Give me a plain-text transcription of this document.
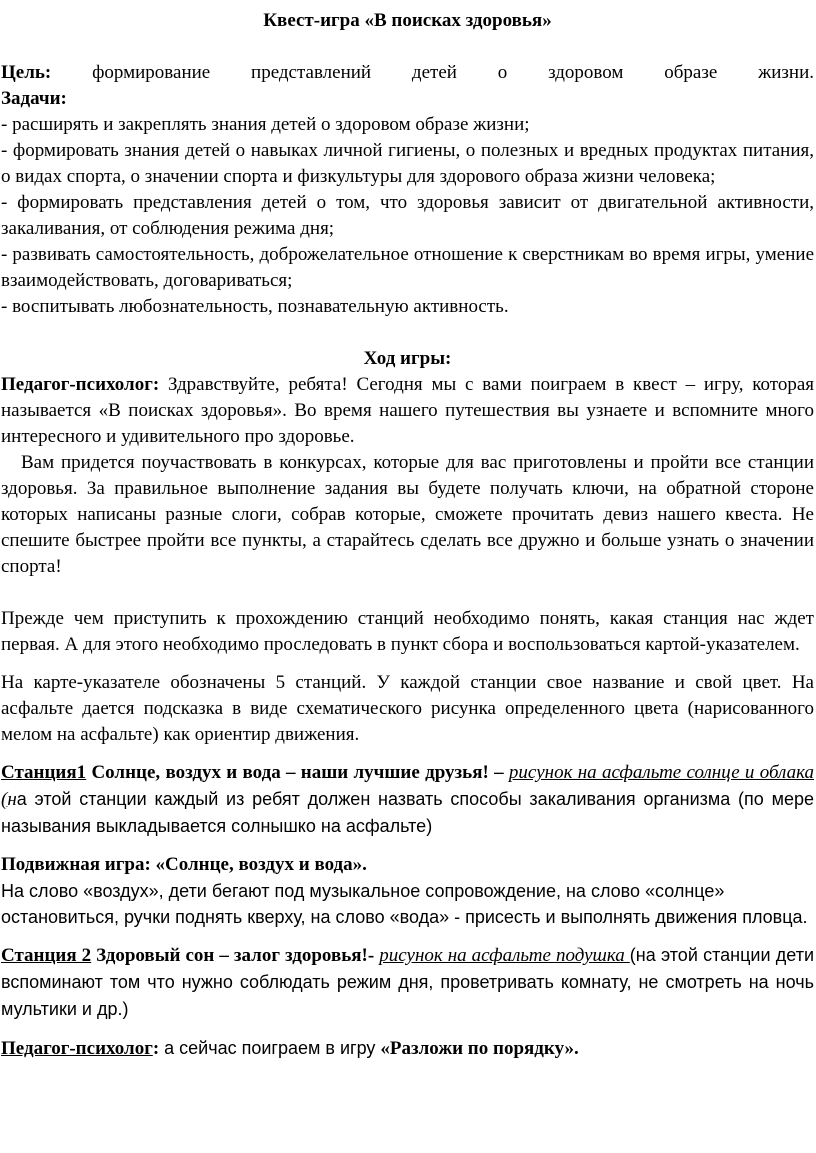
Квест-игра «В поисках здоровья»

Цель: формирование представлений детей о здоровом образе жизни.

Задачи:

- расширять и закреплять знания детей о здоровом образе жизни;

- формировать знания детей о навыках личной гигиены, о полезных и вредных продуктах питания, о видах спорта, о значении спорта и физкультуры для здорового образа жизни человека;

- формировать представления детей о том, что здоровья зависит от двигательной активности, закаливания, от соблюдения режима дня;

- развивать самостоятельность, доброжелательное отношение к сверстникам во время игры, умение взаимодействовать, договариваться;

- воспитывать любознательность, познавательную активность.

Ход игры:

Педагог-психолог: Здравствуйте, ребята! Сегодня мы с вами поиграем в квест – игру, которая называется «В поисках здоровья». Во время нашего путешествия вы узнаете и вспомните много интересного и удивительного про здоровье.

Вам придется поучаствовать в конкурсах, которые для вас приготовлены и пройти все станции здоровья. За правильное выполнение задания вы будете получать ключи, на обратной стороне которых написаны разные слоги, собрав которые, сможете прочитать девиз нашего квеста. Не спешите быстрее пройти все пункты, а старайтесь сделать все дружно и больше узнать о значении спорта!

Прежде чем приступить к прохождению станций необходимо понять, какая станция нас ждет первая. А для этого необходимо проследовать в пункт сбора и воспользоваться картой-указателем.

На карте-указателе обозначены 5 станций. У каждой станции свое название и свой цвет. На асфальте дается подсказка в виде схематического рисунка определенного цвета (нарисованного мелом на асфальте) как ориентир движения.

Станция1 Солнце, воздух и вода – наши лучшие друзья! – рисунок на асфальте солнце и облака (на этой станции каждый из ребят должен назвать способы закаливания организма (по мере называния выкладывается солнышко на асфальте)

Подвижная игра: «Солнце, воздух и вода».

На слово «воздух», дети бегают под музыкальное сопровождение, на слово «солнце» остановиться, ручки поднять кверху, на слово «вода» - присесть и выполнять движения пловца.

Станция 2 Здоровый сон – залог здоровья!- рисунок на асфальте подушка (на этой станции дети вспоминают том что нужно соблюдать режим дня, проветривать комнату, не смотреть на ночь мультики и др.)

Педагог-психолог: а сейчас поиграем в игру «Разложи по порядку».
